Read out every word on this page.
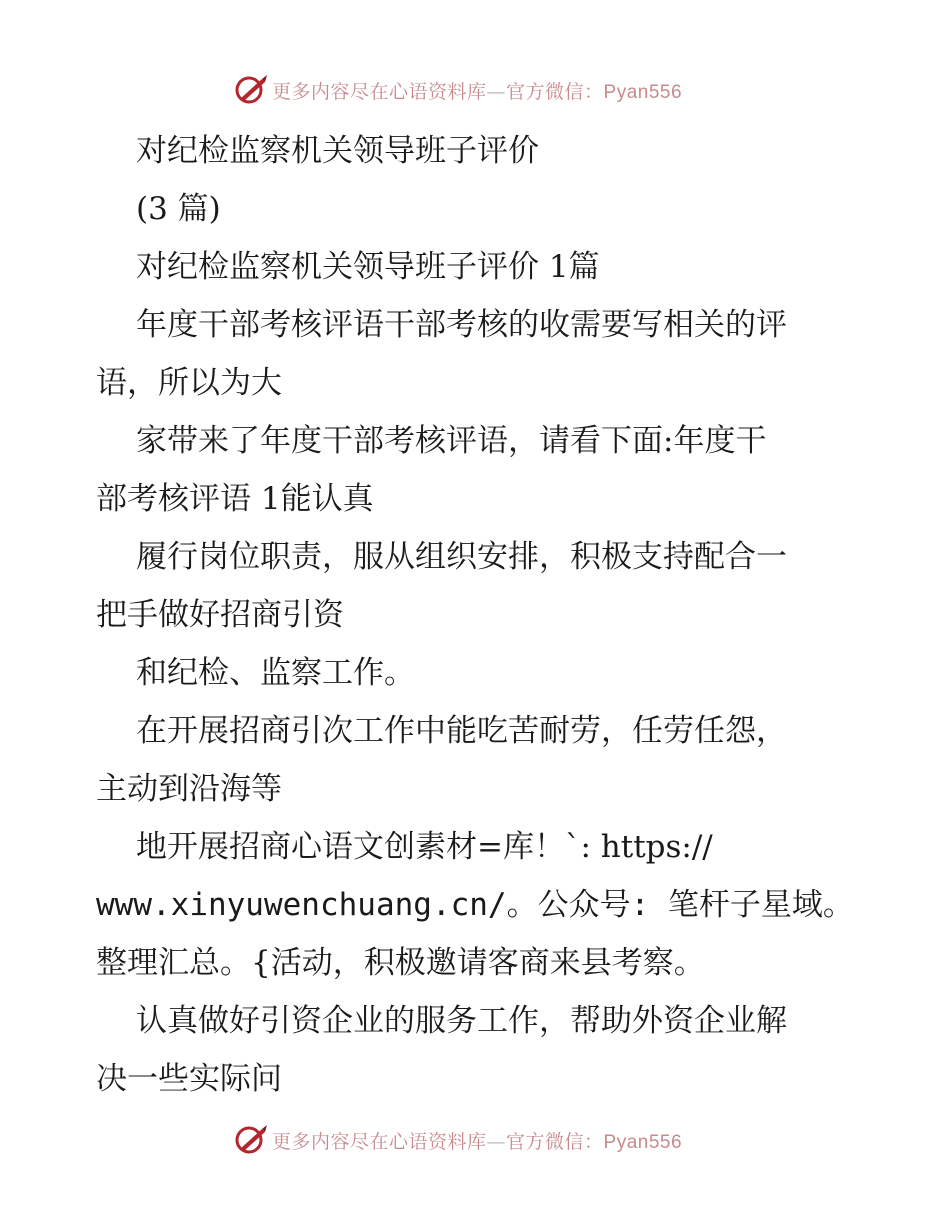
更多内容尽在心语资料库—官方微信：Pyan556
对纪检监察机关领导班子评价
(3 篇)
对纪检监察机关领导班子评价 1篇
年度干部考核评语干部考核的收需要写相关的评
语，所以为大
家带来了年度干部考核评语，请看下面:年度干
部考核评语 1能认真
履行岗位职责，服从组织安排，积极支持配合一
把手做好招商引资
和纪检、监察工作。
在开展招商引次工作中能吃苦耐劳，任劳任怨，
主动到沿海等
地开展招商心语文创素材=库！`: https://
www.xinyuwenchuang.cn/。公众号: 笔杆子星域。
整理汇总。{活动，积极邀请客商来县考察。
认真做好引资企业的服务工作，帮助外资企业解
决一些实际问
更多内容尽在心语资料库—官方微信：Pyan556
